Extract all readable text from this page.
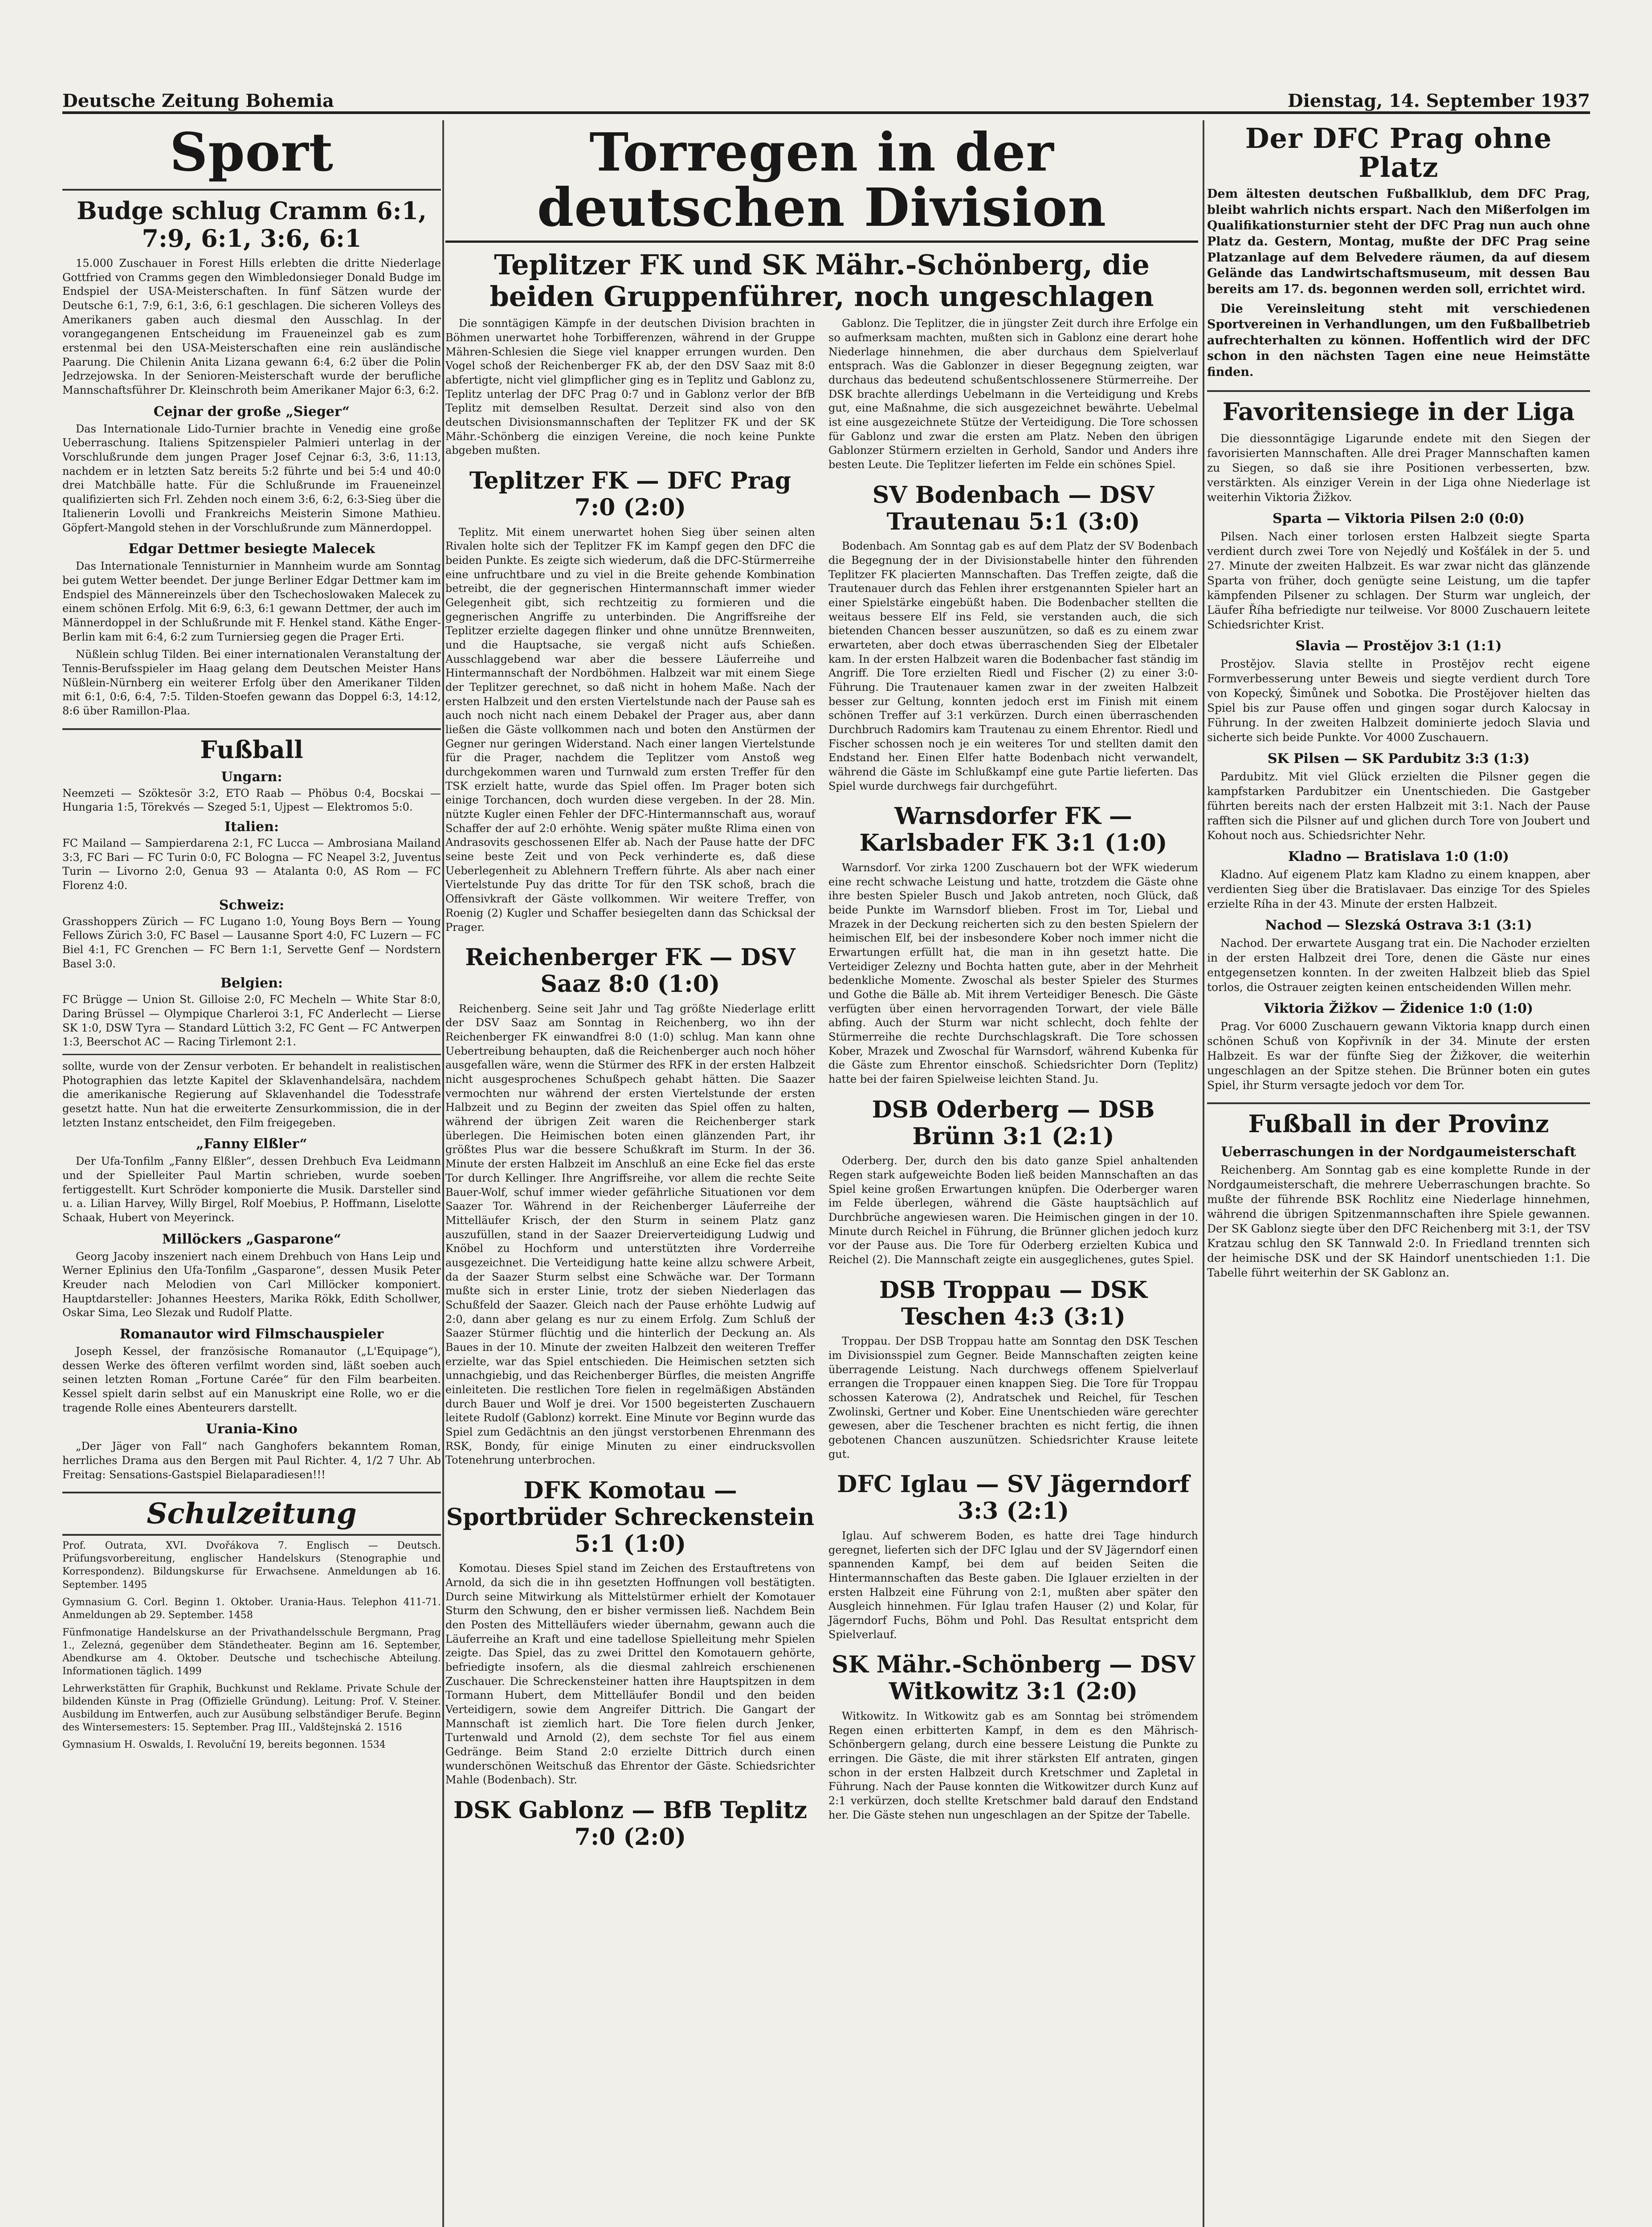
Deutsche Zeitung Bohemia	Dienstag, 14. September 1937
Sport
Budge schlug Cramm 6:1, 7:9, 6:1, 3:6, 6:1

15.000 Zuschauer in Forest Hills erlebten die dritte Niederlage Gottfried von Cramms gegen den Wimbledonsieger Donald Budge im Endspiel der USA-Meisterschaften. In fünf Sätzen wurde der Deutsche 6:1, 7:9, 6:1, 3:6, 6:1 geschlagen. Die sicheren Volleys des Amerikaners gaben auch diesmal den Ausschlag. In der vorangegangenen Entscheidung im Fraueneinzel gab es zum erstenmal bei den USA-Meisterschaften eine rein ausländische Paarung. Die Chilenin Anita Lizana gewann 6:4, 6:2 über die Polin Jedrzejowska. In der Senioren-Meisterschaft wurde der berufliche Mannschaftsführer Dr. Kleinschroth beim Amerikaner Major 6:3, 6:2.

Cejnar der große „Sieger“

Das Internationale Lido-Turnier brachte in Venedig eine große Ueberraschung. Italiens Spitzenspieler Palmieri unterlag in der Vorschlußrunde dem jungen Prager Josef Cejnar 6:3, 3:6, 11:13, nachdem er in letzten Satz bereits 5:2 führte und bei 5:4 und 40:0 drei Matchbälle hatte. Für die Schlußrunde im Fraueneinzel qualifizierten sich Frl. Zehden noch einem 3:6, 6:2, 6:3-Sieg über die Italienerin Lovolli und Frankreichs Meisterin Simone Mathieu. Göpfert-Mangold stehen in der Vorschlußrunde zum Männerdoppel.

Edgar Dettmer besiegte Malecek

Das Internationale Tennisturnier in Mannheim wurde am Sonntag bei gutem Wetter beendet. Der junge Berliner Edgar Dettmer kam im Endspiel des Männereinzels über den Tschechoslowaken Malecek zu einem schönen Erfolg. Mit 6:9, 6:3, 6:1 gewann Dettmer, der auch im Männerdoppel in der Schlußrunde mit F. Henkel stand. Käthe Enger-Berlin kam mit 6:4, 6:2 zum Turniersieg gegen die Prager Erti.

Nüßlein schlug Tilden. Bei einer internationalen Veranstaltung der Tennis-Berufsspieler im Haag gelang dem Deutschen Meister Hans Nüßlein-Nürnberg ein weiterer Erfolg über den Amerikaner Tilden mit 6:1, 0:6, 6:4, 7:5. Tilden-Stoefen gewann das Doppel 6:3, 14:12, 8:6 über Ramillon-Plaa.

Fußball
Ungarn:

Neemzeti — Szöktesör 3:2, ETO Raab — Phöbus 0:4, Bocskai — Hungaria 1:5, Törekvés — Szeged 5:1, Ujpest — Elektromos 5:0.

Italien:

FC Mailand — Sampierdarena 2:1, FC Lucca — Ambrosiana Mailand 3:3, FC Bari — FC Turin 0:0, FC Bologna — FC Neapel 3:2, Juventus Turin — Livorno 2:0, Genua 93 — Atalanta 0:0, AS Rom — FC Florenz 4:0.

Schweiz:

Grasshoppers Zürich — FC Lugano 1:0, Young Boys Bern — Young Fellows Zürich 3:0, FC Basel — Lausanne Sport 4:0, FC Luzern — FC Biel 4:1, FC Grenchen — FC Bern 1:1, Servette Genf — Nordstern Basel 3:0.

Belgien:

FC Brügge — Union St. Gilloise 2:0, FC Mecheln — White Star 8:0, Daring Brüssel — Olympique Charleroi 3:1, FC Anderlecht — Lierse SK 1:0, DSW Tyra — Standard Lüttich 3:2, FC Gent — FC Antwerpen 1:3, Beerschot AC — Racing Tirlemont 2:1.

sollte, wurde von der Zensur verboten. Er behandelt in realistischen Photographien das letzte Kapitel der Sklavenhandelsära, nachdem die amerikanische Regierung auf Sklavenhandel die Todesstrafe gesetzt hatte. Nun hat die erweiterte Zensurkommission, die in der letzten Instanz entscheidet, den Film freigegeben.

„Fanny Elßler“

Der Ufa-Tonfilm „Fanny Elßler“, dessen Drehbuch Eva Leidmann und der Spielleiter Paul Martin schrieben, wurde soeben fertiggestellt. Kurt Schröder komponierte die Musik. Darsteller sind u. a. Lilian Harvey, Willy Birgel, Rolf Moebius, P. Hoffmann, Liselotte Schaak, Hubert von Meyerinck.

Millöckers „Gasparone“

Georg Jacoby inszeniert nach einem Drehbuch von Hans Leip und Werner Eplinius den Ufa-Tonfilm „Gasparone“, dessen Musik Peter Kreuder nach Melodien von Carl Millöcker komponiert. Hauptdarsteller: Johannes Heesters, Marika Rökk, Edith Schollwer, Oskar Sima, Leo Slezak und Rudolf Platte.

Romanautor wird Filmschauspieler

Joseph Kessel, der französische Romanautor („L'Equipage“), dessen Werke des öfteren verfilmt worden sind, läßt soeben auch seinen letzten Roman „Fortune Carée“ für den Film bearbeiten. Kessel spielt darin selbst auf ein Manuskript eine Rolle, wo er die tragende Rolle eines Abenteurers darstellt.

Urania-Kino

„Der Jäger von Fall“ nach Ganghofers bekanntem Roman, herrliches Drama aus den Bergen mit Paul Richter. 4, 1/2 7 Uhr. Ab Freitag: Sensations-Gastspiel Bielaparadiesen!!!

Schulzeitung

Prof. Outrata, XVI. Dvořákova 7. Englisch — Deutsch. Prüfungsvorbereitung, englischer Handelskurs (Stenographie und Korrespondenz). Bildungskurse für Erwachsene. Anmeldungen ab 16. September. 1495

Gymnasium G. Corl. Beginn 1. Oktober. Urania-Haus. Telephon 411-71. Anmeldungen ab 29. September. 1458

Fünfmonatige Handelskurse an der Privathandelsschule Bergmann, Prag 1., Zelezná, gegenüber dem Ständetheater. Beginn am 16. September, Abendkurse am 4. Oktober. Deutsche und tschechische Abteilung. Informationen täglich. 1499

Lehrwerkstätten für Graphik, Buchkunst und Reklame. Private Schule der bildenden Künste in Prag (Offizielle Gründung). Leitung: Prof. V. Steiner. Ausbildung im Entwerfen, auch zur Ausübung selbständiger Berufe. Beginn des Wintersemesters: 15. September. Prag III., Valdštejnská 2. 1516

Gymnasium H. Oswalds, I. Revoluční 19, bereits begonnen. 1534

Torregen in der deutschen Division
Teplitzer FK und SK Mähr.-Schönberg, die beiden Gruppenführer, noch ungeschlagen

Die sonntägigen Kämpfe in der deutschen Division brachten in Böhmen unerwartet hohe Torbifferenzen, während in der Gruppe Mähren-Schlesien die Siege viel knapper errungen wurden. Den Vogel schoß der Reichenberger FK ab, der den DSV Saaz mit 8:0 abfertigte, nicht viel glimpflicher ging es in Teplitz und Gablonz zu, Teplitz unterlag der DFC Prag 0:7 und in Gablonz verlor der BfB Teplitz mit demselben Resultat. Derzeit sind also von den deutschen Divisionsmannschaften der Teplitzer FK und der SK Mähr.-Schönberg die einzigen Vereine, die noch keine Punkte abgeben mußten.

Teplitzer FK — DFC Prag 7:0 (2:0)

Teplitz. Mit einem unerwartet hohen Sieg über seinen alten Rivalen holte sich der Teplitzer FK im Kampf gegen den DFC die beiden Punkte. Es zeigte sich wiederum, daß die DFC-Stürmerreihe eine unfruchtbare und zu viel in die Breite gehende Kombination betreibt, die der gegnerischen Hintermannschaft immer wieder Gelegenheit gibt, sich rechtzeitig zu formieren und die gegnerischen Angriffe zu unterbinden. Die Angriffsreihe der Teplitzer erzielte dagegen flinker und ohne unnütze Brennweiten, und die Hauptsache, sie vergaß nicht aufs Schießen. Ausschlaggebend war aber die bessere Läuferreihe und Hintermannschaft der Nordböhmen. Halbzeit war mit einem Siege der Teplitzer gerechnet, so daß nicht in hohem Maße. Nach der ersten Halbzeit und den ersten Viertelstunde nach der Pause sah es auch noch nicht nach einem Debakel der Prager aus, aber dann ließen die Gäste vollkommen nach und boten den Anstürmen der Gegner nur geringen Widerstand. Nach einer langen Viertelstunde für die Prager, nachdem die Teplitzer vom Anstoß weg durchgekommen waren und Turnwald zum ersten Treffer für den TSK erzielt hatte, wurde das Spiel offen. Im Prager boten sich einige Torchancen, doch wurden diese vergeben. In der 28. Min. nützte Kugler einen Fehler der DFC-Hintermannschaft aus, worauf Schaffer der auf 2:0 erhöhte. Wenig später mußte Rlima einen von Andrasovits geschossenen Elfer ab. Nach der Pause hatte der DFC seine beste Zeit und von Peck verhinderte es, daß diese Ueberlegenheit zu Ablehnern Treffern führte. Als aber nach einer Viertelstunde Puy das dritte Tor für den TSK schoß, brach die Offensivkraft der Gäste vollkommen. Wir weitere Treffer, von Roenig (2) Kugler und Schaffer besiegelten dann das Schicksal der Prager.

Reichenberger FK — DSV Saaz 8:0 (1:0)

Reichenberg. Seine seit Jahr und Tag größte Niederlage erlitt der DSV Saaz am Sonntag in Reichenberg, wo ihn der Reichenberger FK einwandfrei 8:0 (1:0) schlug. Man kann ohne Uebertreibung behaupten, daß die Reichenberger auch noch höher ausgefallen wäre, wenn die Stürmer des RFK in der ersten Halbzeit nicht ausgesprochenes Schußpech gehabt hätten. Die Saazer vermochten nur während der ersten Viertelstunde der ersten Halbzeit und zu Beginn der zweiten das Spiel offen zu halten, während der übrigen Zeit waren die Reichenberger stark überlegen. Die Heimischen boten einen glänzenden Part, ihr größtes Plus war die bessere Schußkraft im Sturm. In der 36. Minute der ersten Halbzeit im Anschluß an eine Ecke fiel das erste Tor durch Kellinger. Ihre Angriffsreihe, vor allem die rechte Seite Bauer-Wolf, schuf immer wieder gefährliche Situationen vor dem Saazer Tor. Während in der Reichenberger Läuferreihe der Mittelläufer Krisch, der den Sturm in seinem Platz ganz auszufüllen, stand in der Saazer Dreierverteidigung Ludwig und Knöbel zu Hochform und unterstützten ihre Vorderreihe ausgezeichnet. Die Verteidigung hatte keine allzu schwere Arbeit, da der Saazer Sturm selbst eine Schwäche war. Der Tormann mußte sich in erster Linie, trotz der sieben Niederlagen das Schußfeld der Saazer. Gleich nach der Pause erhöhte Ludwig auf 2:0, dann aber gelang es nur zu einem Erfolg. Zum Schluß der Saazer Stürmer flüchtig und die hinterlich der Deckung an. Als Baues in der 10. Minute der zweiten Halbzeit den weiteren Treffer erzielte, war das Spiel entschieden. Die Heimischen setzten sich unnachgiebig, und das Reichenberger Bürfles, die meisten Angriffe einleiteten. Die restlichen Tore fielen in regelmäßigen Abständen durch Bauer und Wolf je drei. Vor 1500 begeisterten Zuschauern leitete Rudolf (Gablonz) korrekt. Eine Minute vor Beginn wurde das Spiel zum Gedächtnis an den jüngst verstorbenen Ehrenmann des RSK, Bondy, für einige Minuten zu einer eindrucksvollen Totenehrung unterbrochen.

DFK Komotau — Sportbrüder Schreckenstein 5:1 (1:0)

Komotau. Dieses Spiel stand im Zeichen des Erstauftretens von Arnold, da sich die in ihn gesetzten Hoffnungen voll bestätigten. Durch seine Mitwirkung als Mittelstürmer erhielt der Komotauer Sturm den Schwung, den er bisher vermissen ließ. Nachdem Bein den Posten des Mittelläufers wieder übernahm, gewann auch die Läuferreihe an Kraft und eine tadellose Spielleitung mehr Spielen zeigte. Das Spiel, das zu zwei Drittel den Komotauern gehörte, befriedigte insofern, als die diesmal zahlreich erschienenen Zuschauer. Die Schreckensteiner hatten ihre Hauptspitzen in dem Tormann Hubert, dem Mittelläufer Bondil und den beiden Verteidigern, sowie dem Angreifer Dittrich. Die Gangart der Mannschaft ist ziemlich hart. Die Tore fielen durch Jenker, Turtenwald und Arnold (2), dem sechste Tor fiel aus einem Gedränge. Beim Stand 2:0 erzielte Dittrich durch einen wunderschönen Weitschuß das Ehrentor der Gäste. Schiedsrichter Mahle (Bodenbach). Str.

DSK Gablonz — BfB Teplitz 7:0 (2:0)

Gablonz. Die Teplitzer, die in jüngster Zeit durch ihre Erfolge ein so aufmerksam machten, mußten sich in Gablonz eine derart hohe Niederlage hinnehmen, die aber durchaus dem Spielverlauf entsprach. Was die Gablonzer in dieser Begegnung zeigten, war durchaus das bedeutend schußentschlossenere Stürmerreihe. Der DSK brachte allerdings Uebelmann in die Verteidigung und Krebs gut, eine Maßnahme, die sich ausgezeichnet bewährte. Uebelmal ist eine ausgezeichnete Stütze der Verteidigung. Die Tore schossen für Gablonz und zwar die ersten am Platz. Neben den übrigen Gablonzer Stürmern erzielten in Gerhold, Sandor und Anders ihre besten Leute. Die Teplitzer lieferten im Felde ein schönes Spiel.

SV Bodenbach — DSV Trautenau 5:1 (3:0)

Bodenbach. Am Sonntag gab es auf dem Platz der SV Bodenbach die Begegnung der in der Divisionstabelle hinter den führenden Teplitzer FK placierten Mannschaften. Das Treffen zeigte, daß die Trautenauer durch das Fehlen ihrer erstgenannten Spieler hart an einer Spielstärke eingebüßt haben. Die Bodenbacher stellten die weitaus bessere Elf ins Feld, sie verstanden auch, die sich bietenden Chancen besser auszunützen, so daß es zu einem zwar erwarteten, aber doch etwas überraschenden Sieg der Elbetaler kam. In der ersten Halbzeit waren die Bodenbacher fast ständig im Angriff. Die Tore erzielten Riedl und Fischer (2) zu einer 3:0-Führung. Die Trautenauer kamen zwar in der zweiten Halbzeit besser zur Geltung, konnten jedoch erst im Finish mit einem schönen Treffer auf 3:1 verkürzen. Durch einen überraschenden Durchbruch Radomirs kam Trautenau zu einem Ehrentor. Riedl und Fischer schossen noch je ein weiteres Tor und stellten damit den Endstand her. Einen Elfer hatte Bodenbach nicht verwandelt, während die Gäste im Schlußkampf eine gute Partie lieferten. Das Spiel wurde durchwegs fair durchgeführt.

Warnsdorfer FK — Karlsbader FK 3:1 (1:0)

Warnsdorf. Vor zirka 1200 Zuschauern bot der WFK wiederum eine recht schwache Leistung und hatte, trotzdem die Gäste ohne ihre besten Spieler Busch und Jakob antreten, noch Glück, daß beide Punkte im Warnsdorf blieben. Frost im Tor, Liebal und Mrazek in der Deckung reicherten sich zu den besten Spielern der heimischen Elf, bei der insbesondere Kober noch immer nicht die Erwartungen erfüllt hat, die man in ihn gesetzt hatte. Die Verteidiger Zelezny und Bochta hatten gute, aber in der Mehrheit bedenkliche Momente. Zwoschal als bester Spieler des Sturmes und Gothe die Bälle ab. Mit ihrem Verteidiger Benesch. Die Gäste verfügten über einen hervorragenden Torwart, der viele Bälle abfing. Auch der Sturm war nicht schlecht, doch fehlte der Stürmerreihe die rechte Durchschlagskraft. Die Tore schossen Kober, Mrazek und Zwoschal für Warnsdorf, während Kubenka für die Gäste zum Ehrentor einschoß. Schiedsrichter Dorn (Teplitz) hatte bei der fairen Spielweise leichten Stand. Ju.

DSB Oderberg — DSB Brünn 3:1 (2:1)

Oderberg. Der, durch den bis dato ganze Spiel anhaltenden Regen stark aufgeweichte Boden ließ beiden Mannschaften an das Spiel keine großen Erwartungen knüpfen. Die Oderberger waren im Felde überlegen, während die Gäste hauptsächlich auf Durchbrüche angewiesen waren. Die Heimischen gingen in der 10. Minute durch Reichel in Führung, die Brünner glichen jedoch kurz vor der Pause aus. Die Tore für Oderberg erzielten Kubica und Reichel (2). Die Mannschaft zeigte ein ausgeglichenes, gutes Spiel.

DSB Troppau — DSK Teschen 4:3 (3:1)

Troppau. Der DSB Troppau hatte am Sonntag den DSK Teschen im Divisionsspiel zum Gegner. Beide Mannschaften zeigten keine überragende Leistung. Nach durchwegs offenem Spielverlauf errangen die Troppauer einen knappen Sieg. Die Tore für Troppau schossen Katerowa (2), Andratschek und Reichel, für Teschen Zwolinski, Gertner und Kober. Eine Unentschieden wäre gerechter gewesen, aber die Teschener brachten es nicht fertig, die ihnen gebotenen Chancen auszunützen. Schiedsrichter Krause leitete gut.

DFC Iglau — SV Jägerndorf 3:3 (2:1)

Iglau. Auf schwerem Boden, es hatte drei Tage hindurch geregnet, lieferten sich der DFC Iglau und der SV Jägerndorf einen spannenden Kampf, bei dem auf beiden Seiten die Hintermannschaften das Beste gaben. Die Iglauer erzielten in der ersten Halbzeit eine Führung von 2:1, mußten aber später den Ausgleich hinnehmen. Für Iglau trafen Hauser (2) und Kolar, für Jägerndorf Fuchs, Böhm und Pohl. Das Resultat entspricht dem Spielverlauf.

SK Mähr.-Schönberg — DSV Witkowitz 3:1 (2:0)

Witkowitz. In Witkowitz gab es am Sonntag bei strömendem Regen einen erbitterten Kampf, in dem es den Mährisch-Schönbergern gelang, durch eine bessere Leistung die Punkte zu erringen. Die Gäste, die mit ihrer stärksten Elf antraten, gingen schon in der ersten Halbzeit durch Kretschmer und Zapletal in Führung. Nach der Pause konnten die Witkowitzer durch Kunz auf 2:1 verkürzen, doch stellte Kretschmer bald darauf den Endstand her. Die Gäste stehen nun ungeschlagen an der Spitze der Tabelle.

Der DFC Prag ohne Platz

Dem ältesten deutschen Fußballklub, dem DFC Prag, bleibt wahrlich nichts erspart. Nach den Mißerfolgen im Qualifikationsturnier steht der DFC Prag nun auch ohne Platz da. Gestern, Montag, mußte der DFC Prag seine Platzanlage auf dem Belvedere räumen, da auf diesem Gelände das Landwirtschaftsmuseum, mit dessen Bau bereits am 17. ds. begonnen werden soll, errichtet wird.

Die Vereinsleitung steht mit verschiedenen Sportvereinen in Verhandlungen, um den Fußballbetrieb aufrechterhalten zu können. Hoffentlich wird der DFC schon in den nächsten Tagen eine neue Heimstätte finden.

Favoritensiege in der Liga

Die diessonntägige Ligarunde endete mit den Siegen der favorisierten Mannschaften. Alle drei Prager Mannschaften kamen zu Siegen, so daß sie ihre Positionen verbesserten, bzw. verstärkten. Als einziger Verein in der Liga ohne Niederlage ist weiterhin Viktoria Žižkov.

Sparta — Viktoria Pilsen 2:0 (0:0)

Pilsen. Nach einer torlosen ersten Halbzeit siegte Sparta verdient durch zwei Tore von Nejedlý und Košťálek in der 5. und 27. Minute der zweiten Halbzeit. Es war zwar nicht das glänzende Sparta von früher, doch genügte seine Leistung, um die tapfer kämpfenden Pilsener zu schlagen. Der Sturm war ungleich, der Läufer Říha befriedigte nur teilweise. Vor 8000 Zuschauern leitete Schiedsrichter Krist.

Slavia — Prostějov 3:1 (1:1)

Prostějov. Slavia stellte in Prostějov recht eigene Formverbesserung unter Beweis und siegte verdient durch Tore von Kopecký, Šimůnek und Sobotka. Die Prostějover hielten das Spiel bis zur Pause offen und gingen sogar durch Kalocsay in Führung. In der zweiten Halbzeit dominierte jedoch Slavia und sicherte sich beide Punkte. Vor 4000 Zuschauern.

SK Pilsen — SK Pardubitz 3:3 (1:3)

Pardubitz. Mit viel Glück erzielten die Pilsner gegen die kampfstarken Pardubitzer ein Unentschieden. Die Gastgeber führten bereits nach der ersten Halbzeit mit 3:1. Nach der Pause rafften sich die Pilsner auf und glichen durch Tore von Joubert und Kohout noch aus. Schiedsrichter Nehr.

Kladno — Bratislava 1:0 (1:0)

Kladno. Auf eigenem Platz kam Kladno zu einem knappen, aber verdienten Sieg über die Bratislavaer. Das einzige Tor des Spieles erzielte Ríha in der 43. Minute der ersten Halbzeit.

Nachod — Slezská Ostrava 3:1 (3:1)

Nachod. Der erwartete Ausgang trat ein. Die Nachoder erzielten in der ersten Halbzeit drei Tore, denen die Gäste nur eines entgegensetzen konnten. In der zweiten Halbzeit blieb das Spiel torlos, die Ostrauer zeigten keinen entscheidenden Willen mehr.

Viktoria Žižkov — Židenice 1:0 (1:0)

Prag. Vor 6000 Zuschauern gewann Viktoria knapp durch einen schönen Schuß von Kopřivník in der 34. Minute der ersten Halbzeit. Es war der fünfte Sieg der Žižkover, die weiterhin ungeschlagen an der Spitze stehen. Die Brünner boten ein gutes Spiel, ihr Sturm versagte jedoch vor dem Tor.

Fußball in der Provinz
Ueberraschungen in der Nordgaumeisterschaft

Reichenberg. Am Sonntag gab es eine komplette Runde in der Nordgaumeisterschaft, die mehrere Ueberraschungen brachte. So mußte der führende BSK Rochlitz eine Niederlage hinnehmen, während die übrigen Spitzenmannschaften ihre Spiele gewannen. Der SK Gablonz siegte über den DFC Reichenberg mit 3:1, der TSV Kratzau schlug den SK Tannwald 2:0. In Friedland trennten sich der heimische DSK und der SK Haindorf unentschieden 1:1. Die Tabelle führt weiterhin der SK Gablonz an.
